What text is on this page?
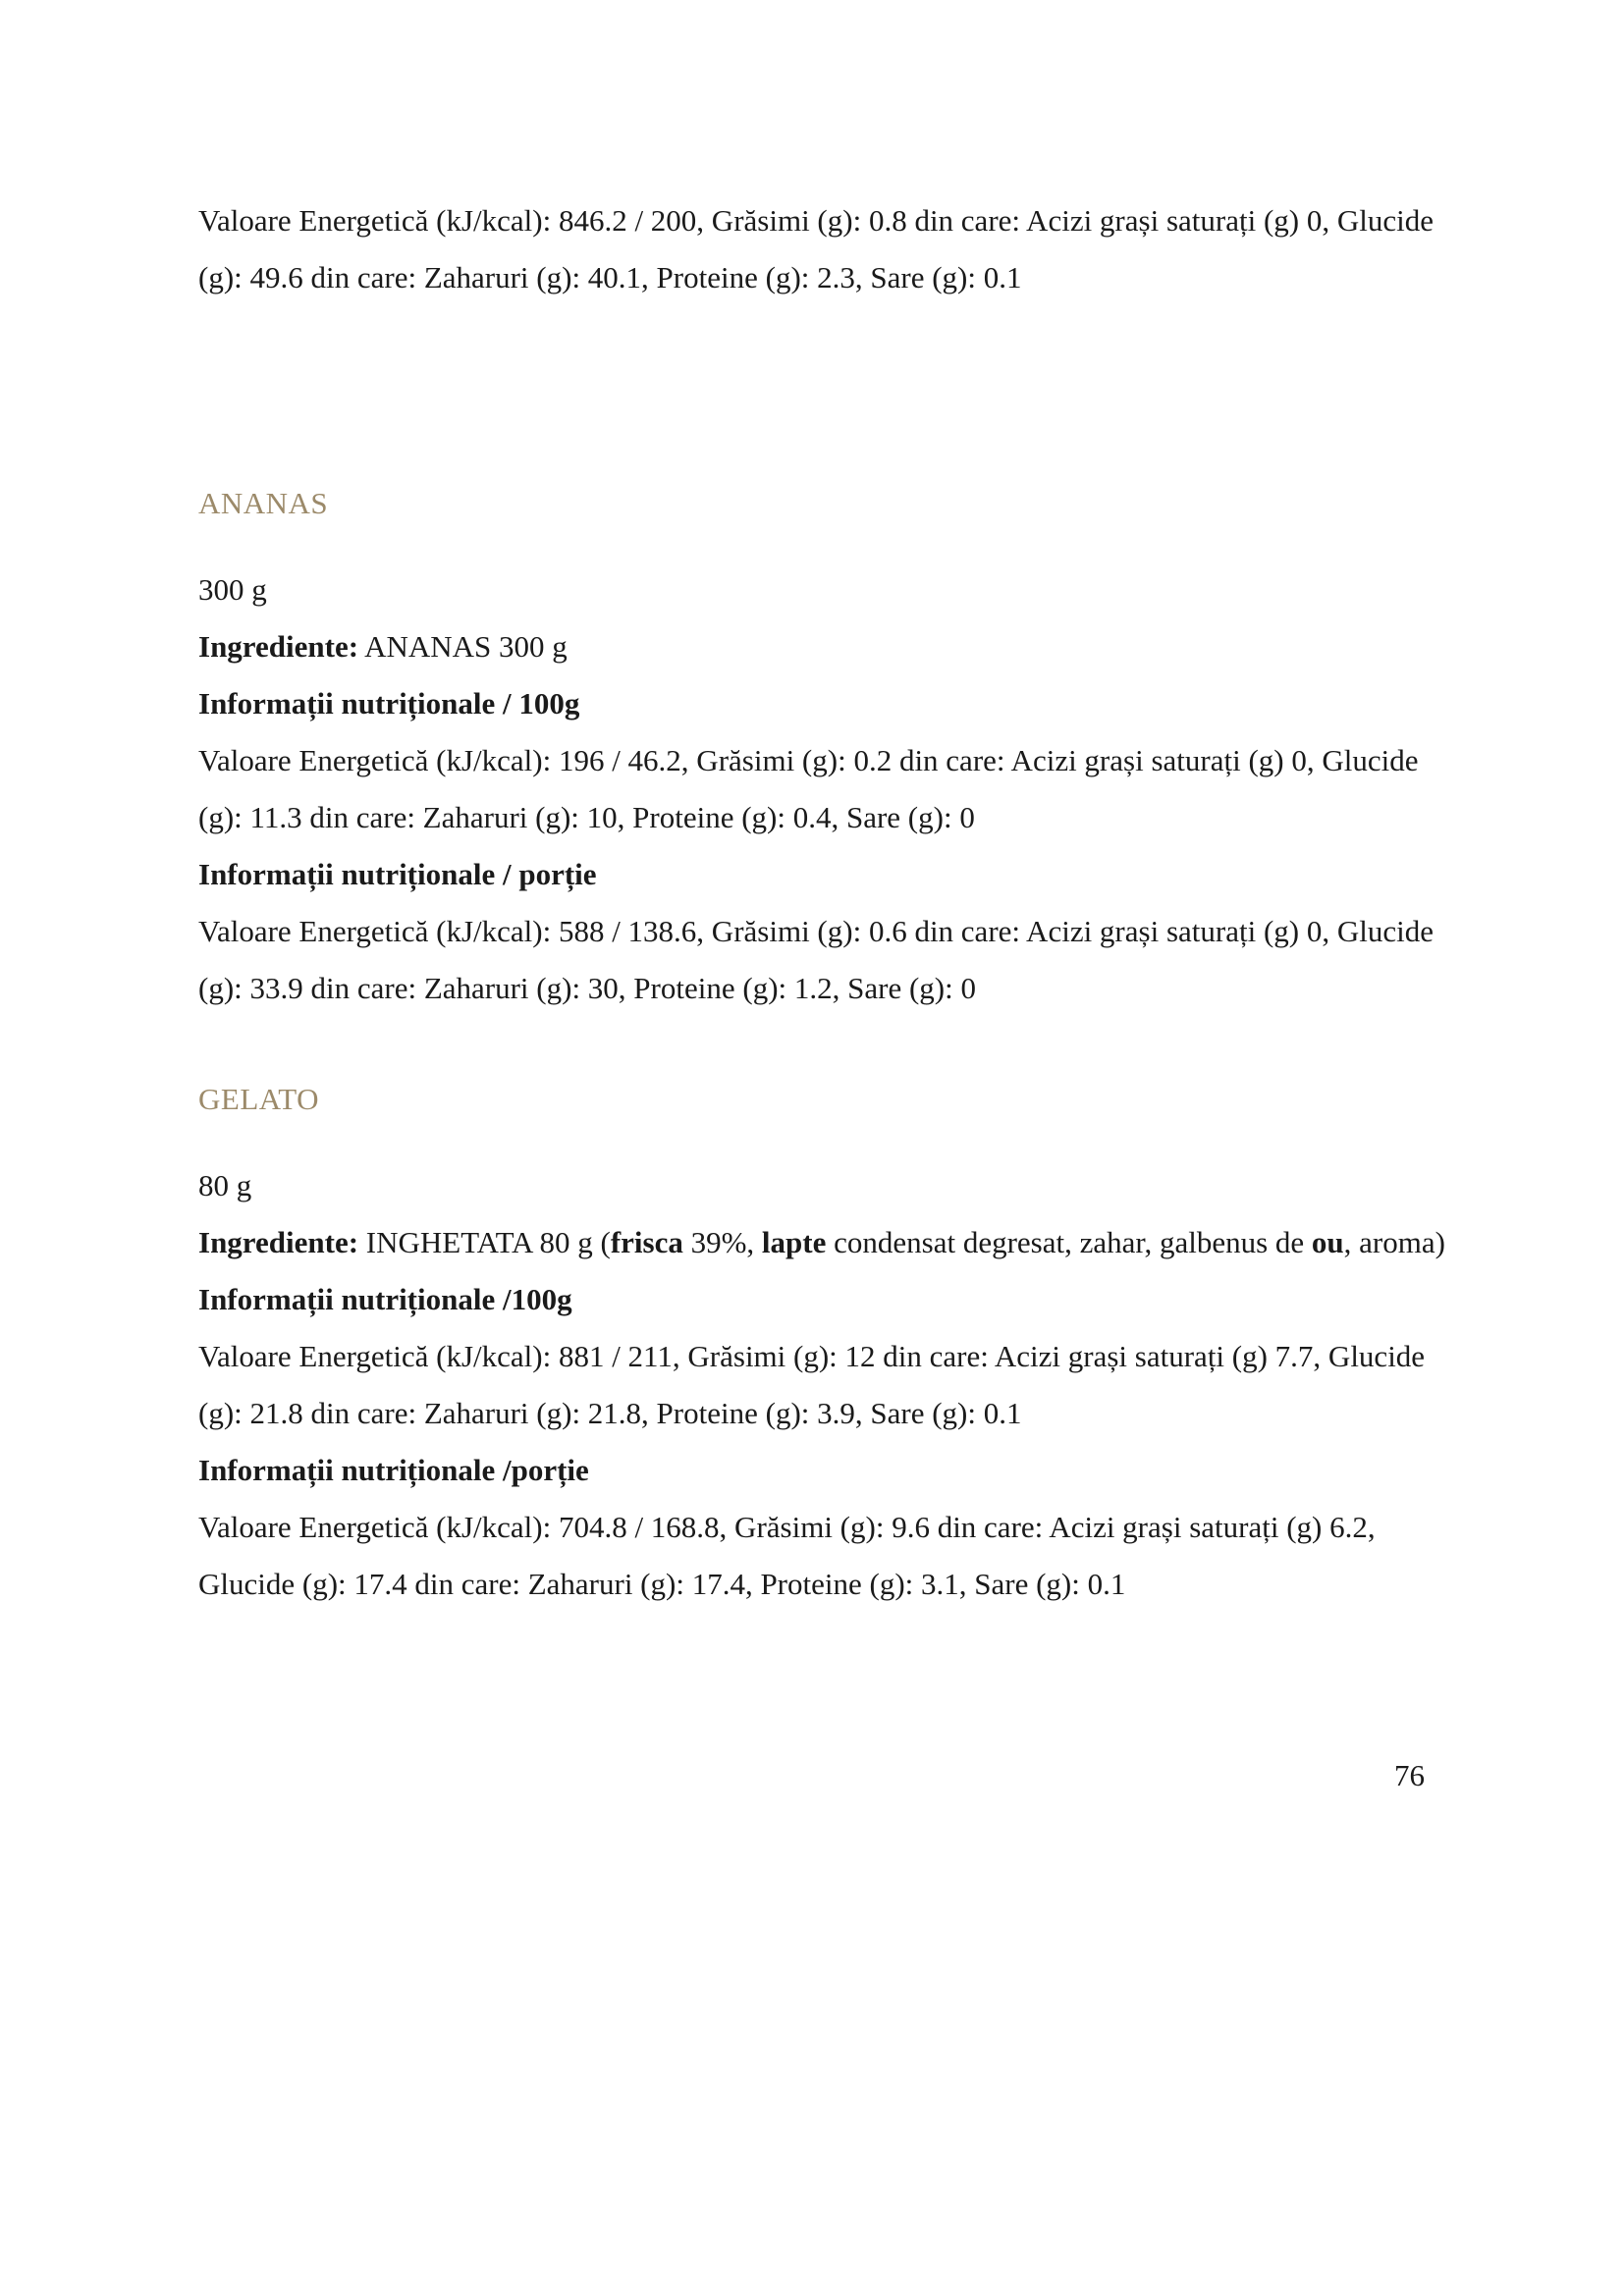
Valoare Energetică (kJ/kcal): 846.2 / 200, Grăsimi (g): 0.8 din care: Acizi grași saturați (g) 0, Glucide (g): 49.6 din care: Zaharuri (g): 40.1, Proteine (g): 2.3, Sare (g): 0.1

ANANAS

300 g

Ingrediente: ANANAS 300 g

Informații nutriționale / 100g

Valoare Energetică (kJ/kcal): 196 / 46.2, Grăsimi (g): 0.2 din care: Acizi grași saturați (g) 0, Glucide (g): 11.3 din care: Zaharuri (g): 10, Proteine (g): 0.4, Sare (g): 0

Informații nutriționale / porție

Valoare Energetică (kJ/kcal): 588 / 138.6, Grăsimi (g): 0.6 din care: Acizi grași saturați (g) 0, Glucide (g): 33.9 din care: Zaharuri (g): 30, Proteine (g): 1.2, Sare (g): 0

GELATO

80 g

Ingrediente: INGHETATA 80 g (frisca 39%, lapte condensat degresat, zahar, galbenus de ou, aroma)

Informații nutriționale /100g

Valoare Energetică (kJ/kcal): 881 / 211, Grăsimi (g): 12 din care: Acizi grași saturați (g) 7.7, Glucide (g): 21.8 din care: Zaharuri (g): 21.8, Proteine (g): 3.9, Sare (g): 0.1

Informații nutriționale /porție

Valoare Energetică (kJ/kcal): 704.8 / 168.8, Grăsimi (g): 9.6 din care: Acizi grași saturați (g) 6.2, Glucide (g): 17.4 din care: Zaharuri (g): 17.4, Proteine (g): 3.1, Sare (g): 0.1

76
